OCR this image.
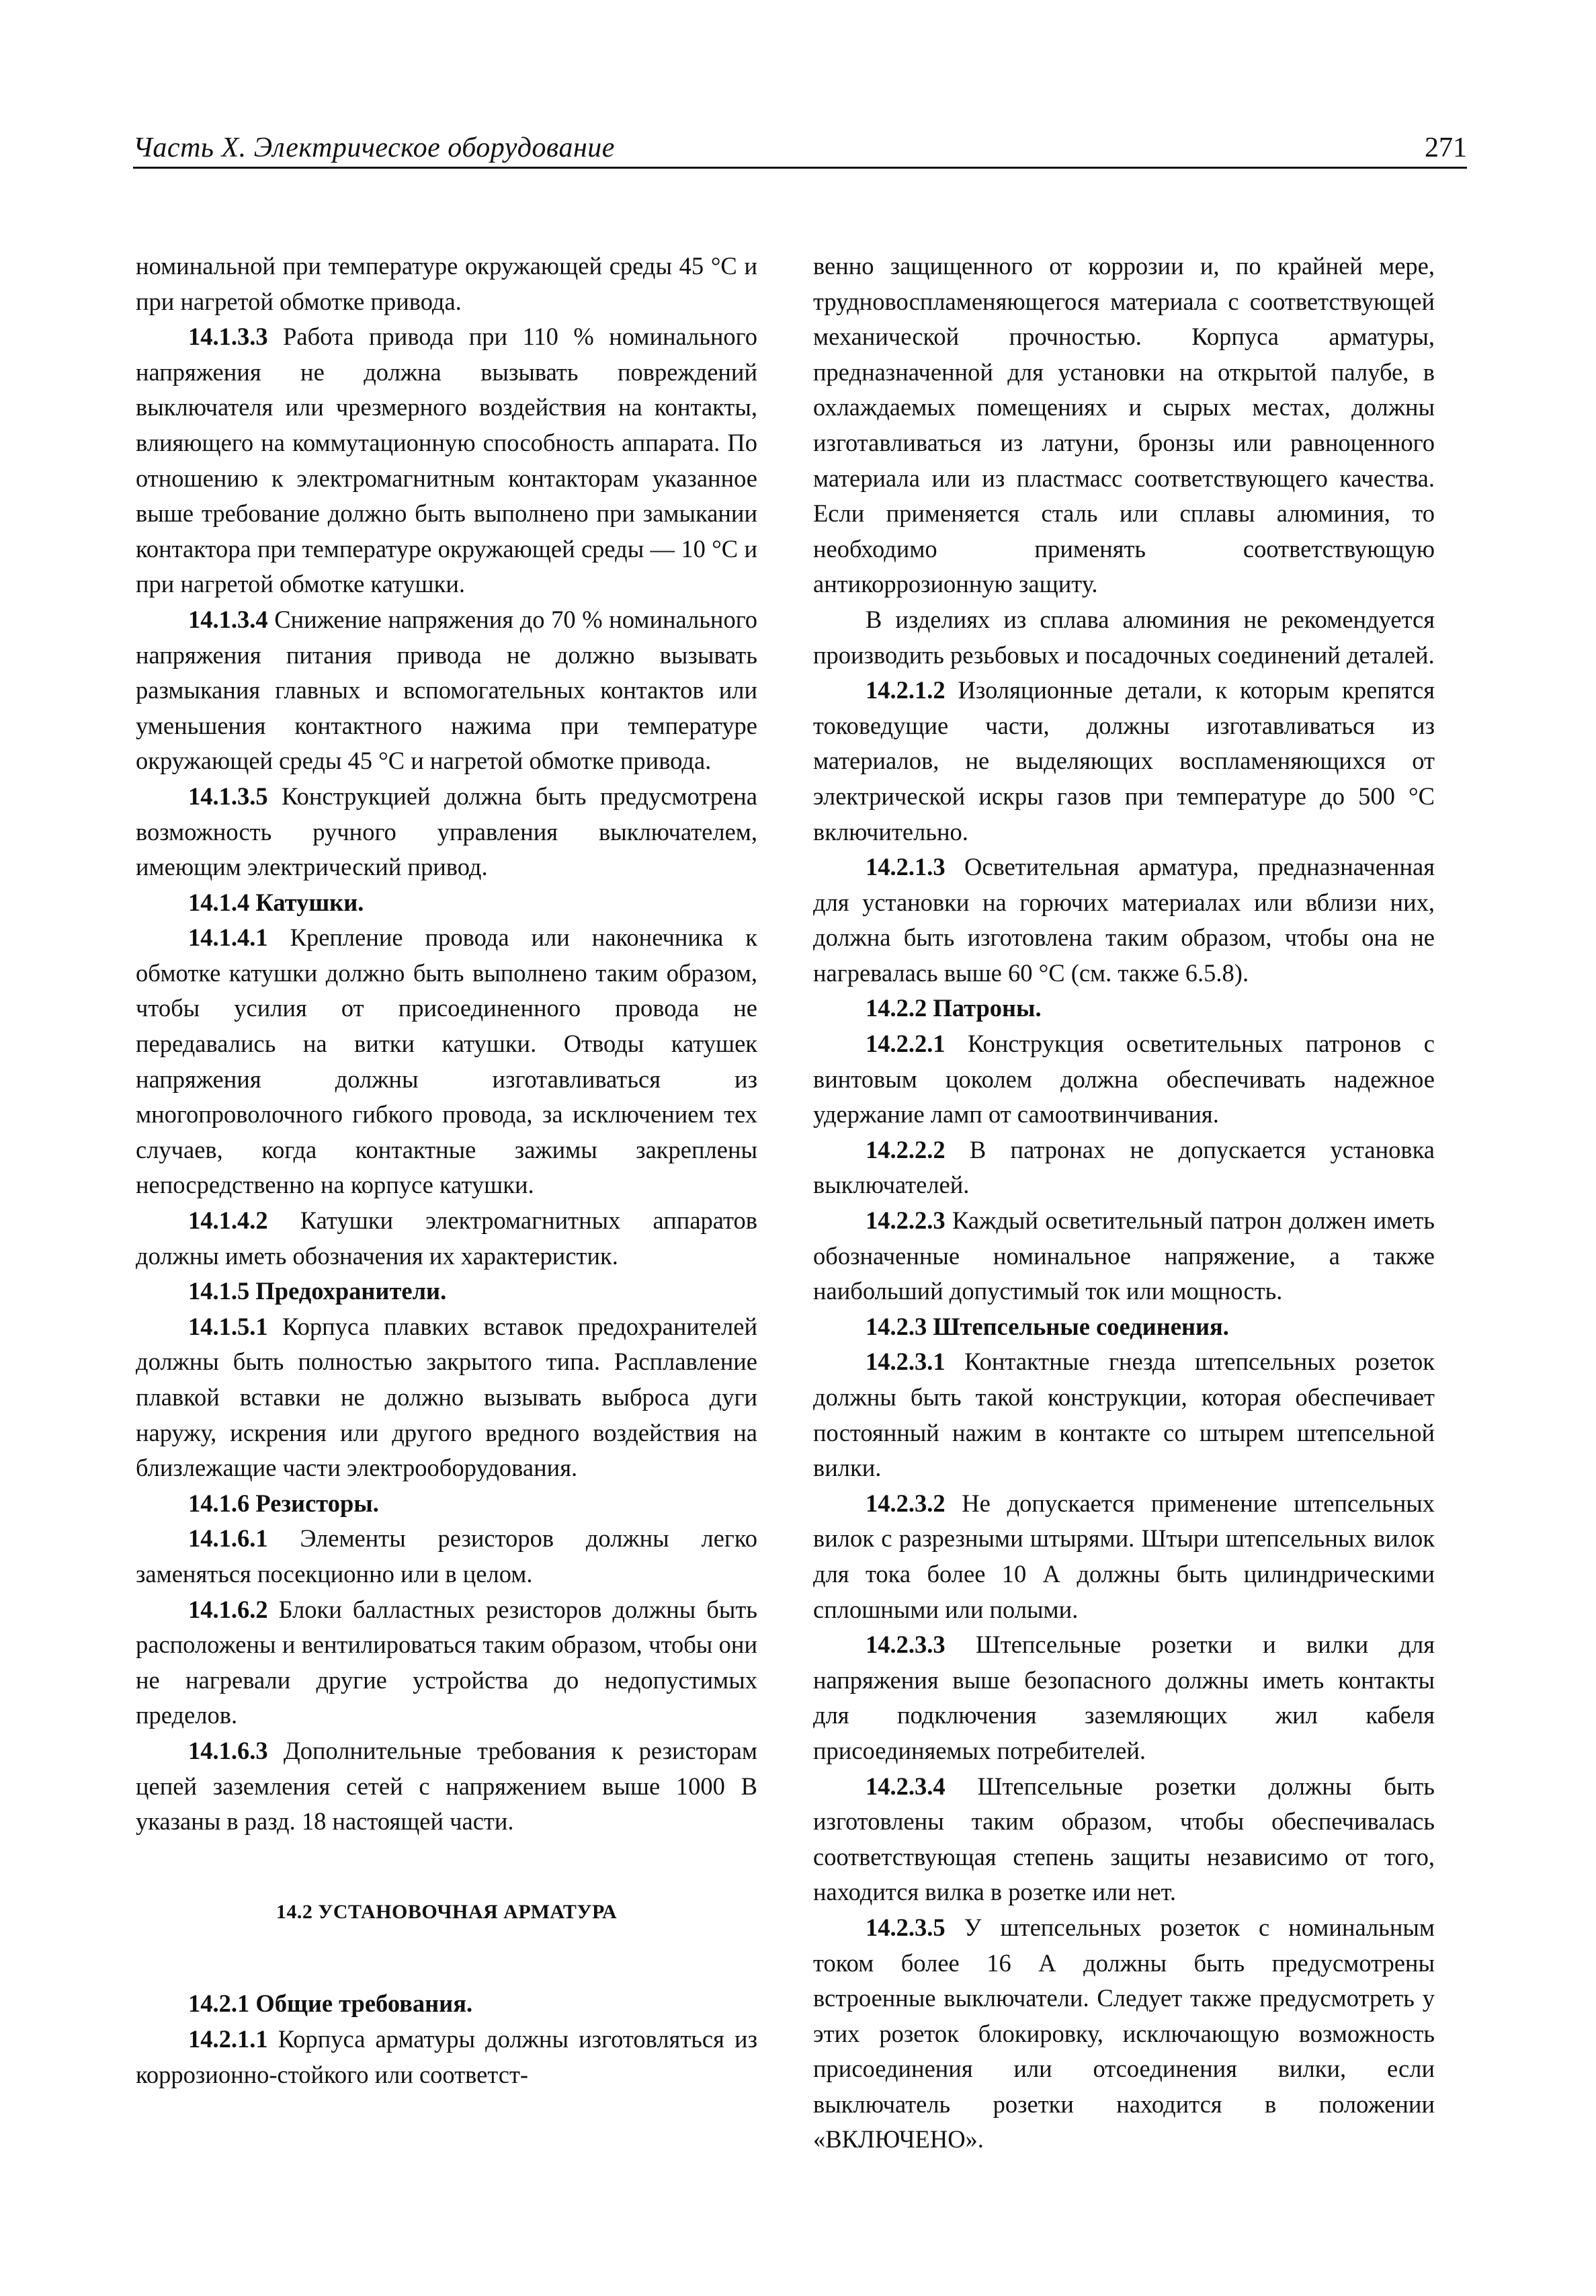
Часть X. Электрическое оборудование	271

номинальной при температуре окружающей среды 45 °С и при нагретой обмотке привода.

14.1.3.3 Работа привода при 110 % номинального напряжения не должна вызывать повреждений выключателя или чрезмерного воздействия на контакты, влияющего на коммутационную способность аппарата. По отношению к электромагнитным контакторам указанное выше требование должно быть выполнено при замыкании контактора при температуре окружающей среды — 10 °С и при нагретой обмотке катушки.

14.1.3.4 Снижение напряжения до 70 % номинального напряжения питания привода не должно вызывать размыкания главных и вспомогательных контактов или уменьшения контактного нажима при температуре окружающей среды 45 °С и нагретой обмотке привода.

14.1.3.5 Конструкцией должна быть предусмотрена возможность ручного управления выключателем, имеющим электрический привод.

14.1.4 Катушки.

14.1.4.1 Крепление провода или наконечника к обмотке катушки должно быть выполнено таким образом, чтобы усилия от присоединенного провода не передавались на витки катушки. Отводы катушек напряжения должны изготавливаться из многопроволочного гибкого провода, за исключением тех случаев, когда контактные зажимы закреплены непосредственно на корпусе катушки.

14.1.4.2 Катушки электромагнитных аппаратов должны иметь обозначения их характеристик.

14.1.5 Предохранители.

14.1.5.1 Корпуса плавких вставок предохранителей должны быть полностью закрытого типа. Расплавление плавкой вставки не должно вызывать выброса дуги наружу, искрения или другого вредного воздействия на близлежащие части электрооборудования.

14.1.6 Резисторы.

14.1.6.1 Элементы резисторов должны легко заменяться посекционно или в целом.

14.1.6.2 Блоки балластных резисторов должны быть расположены и вентилироваться таким образом, чтобы они не нагревали другие устройства до недопустимых пределов.

14.1.6.3 Дополнительные требования к резисторам цепей заземления сетей с напряжением выше 1000 В указаны в разд. 18 настоящей части.

14.2 УСТАНОВОЧНАЯ АРМАТУРА

14.2.1 Общие требования.

14.2.1.1 Корпуса арматуры должны изготовляться из коррозионно-стойкого или соответст-

венно защищенного от коррозии и, по крайней мере, трудновоспламеняющегося материала с соответствующей механической прочностью. Корпуса арматуры, предназначенной для установки на открытой палубе, в охлаждаемых помещениях и сырых местах, должны изготавливаться из латуни, бронзы или равноценного материала или из пластмасс соответствующего качества. Если применяется сталь или сплавы алюминия, то необходимо применять соответствующую антикоррозионную защиту.

В изделиях из сплава алюминия не рекомендуется производить резьбовых и посадочных соединений деталей.

14.2.1.2 Изоляционные детали, к которым крепятся токоведущие части, должны изготавливаться из материалов, не выделяющих воспламеняющихся от электрической искры газов при температуре до 500 °С включительно.

14.2.1.3 Осветительная арматура, предназначенная для установки на горючих материалах или вблизи них, должна быть изготовлена таким образом, чтобы она не нагревалась выше 60 °С (см. также 6.5.8).

14.2.2 Патроны.

14.2.2.1 Конструкция осветительных патронов с винтовым цоколем должна обеспечивать надежное удержание ламп от самоотвинчивания.

14.2.2.2 В патронах не допускается установка выключателей.

14.2.2.3 Каждый осветительный патрон должен иметь обозначенные номинальное напряжение, а также наибольший допустимый ток или мощность.

14.2.3 Штепсельные соединения.

14.2.3.1 Контактные гнезда штепсельных розеток должны быть такой конструкции, которая обеспечивает постоянный нажим в контакте со штырем штепсельной вилки.

14.2.3.2 Не допускается применение штепсельных вилок с разрезными штырями. Штыри штепсельных вилок для тока более 10 А должны быть цилиндрическими сплошными или полыми.

14.2.3.3 Штепсельные розетки и вилки для напряжения выше безопасного должны иметь контакты для подключения заземляющих жил кабеля присоединяемых потребителей.

14.2.3.4 Штепсельные розетки должны быть изготовлены таким образом, чтобы обеспечивалась соответствующая степень защиты независимо от того, находится вилка в розетке или нет.

14.2.3.5 У штепсельных розеток с номинальным током более 16 А должны быть предусмотрены встроенные выключатели. Следует также предусмотреть у этих розеток блокировку, исключающую возможность присоединения или отсоединения вилки, если выключатель розетки находится в положении «ВКЛЮЧЕНО».
